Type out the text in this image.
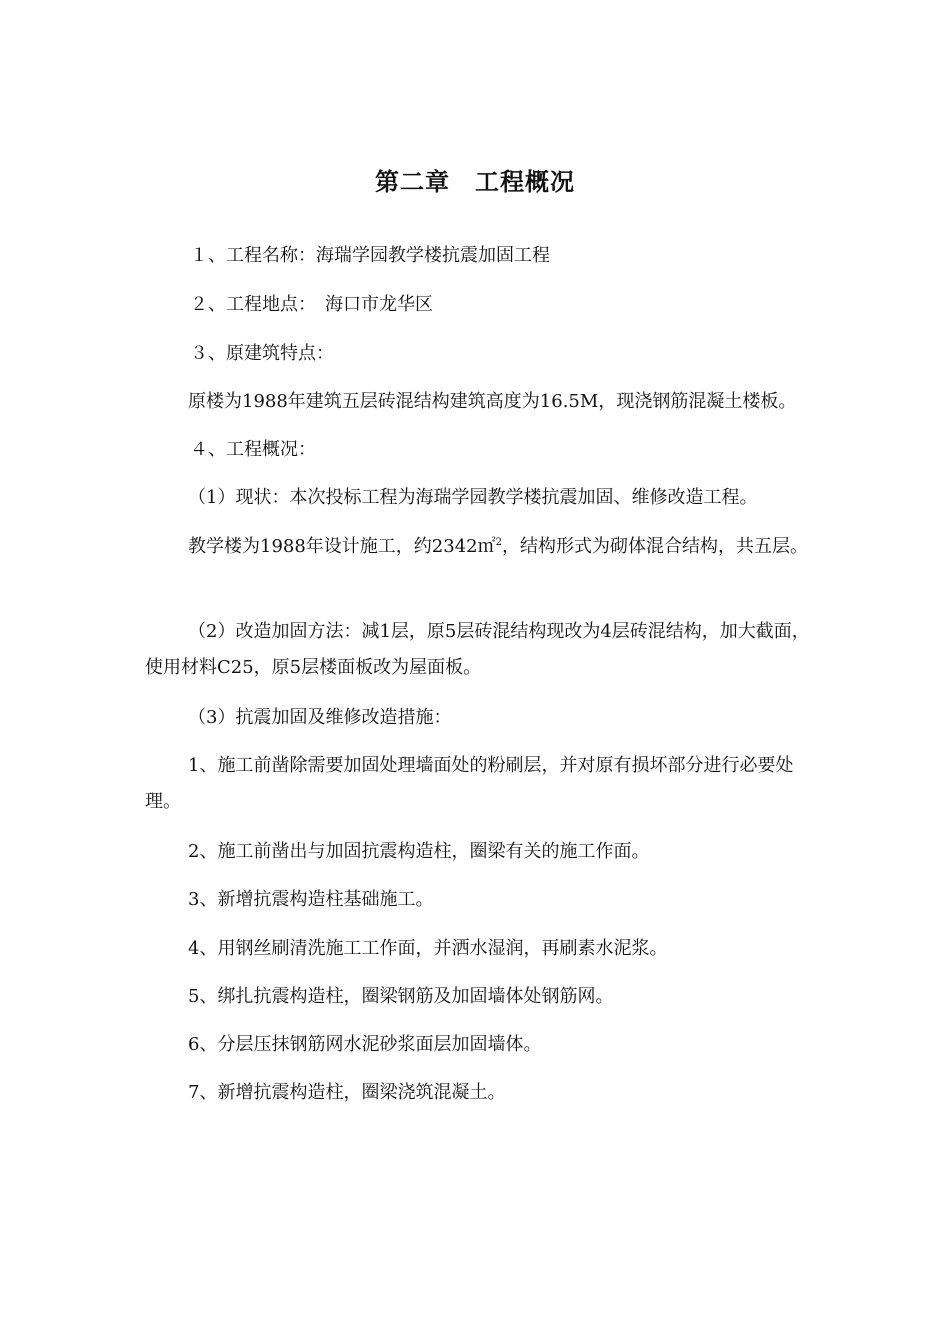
第二章　工程概况
１、工程名称：海瑞学园教学楼抗震加固工程
２、工程地点：　海口市龙华区
３、原建筑特点：
原楼为1988年建筑五层砖混结构建筑高度为16.5M，现浇钢筋混凝土楼板。
４、工程概况：
（1）现状：本次投标工程为海瑞学园教学楼抗震加固、维修改造工程。
教学楼为1988年设计施工，约2342㎡$^2$，结构形式为砌体混合结构，共五层。
（2）改造加固方法：减1层，原5层砖混结构现改为4层砖混结构，加大截面，使用材料C25，原5层楼面板改为屋面板。
（3）抗震加固及维修改造措施：
1、施工前凿除需要加固处理墙面处的粉刷层，并对原有损坏部分进行必要处理。
2、施工前凿出与加固抗震构造柱，圈梁有关的施工作面。
3、新增抗震构造柱基础施工。
4、用钢丝刷清洗施工工作面，并洒水湿润，再刷素水泥浆。
5、绑扎抗震构造柱，圈梁钢筋及加固墙体处钢筋网。
6、分层压抹钢筋网水泥砂浆面层加固墙体。
7、新增抗震构造柱，圈梁浇筑混凝土。
